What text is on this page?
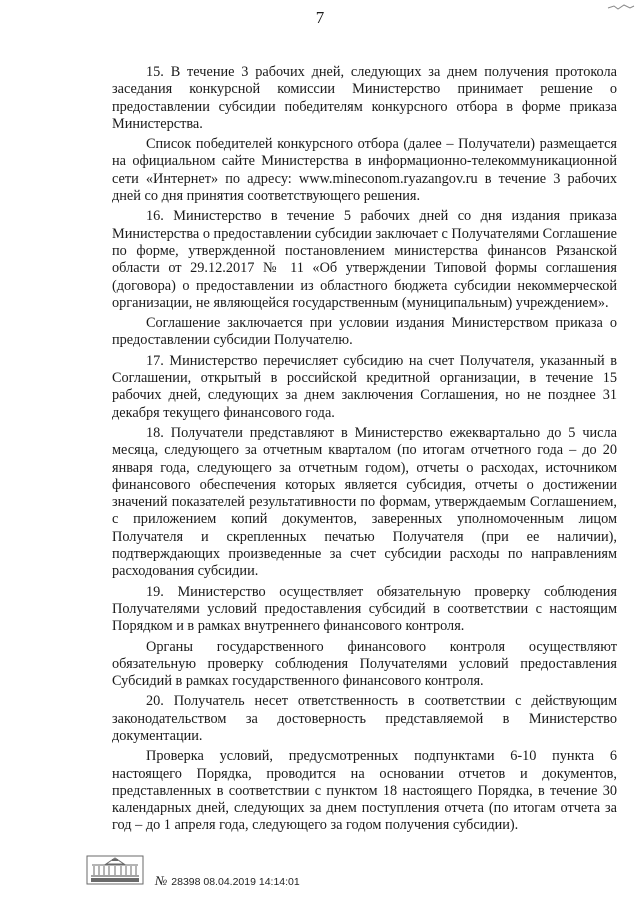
7

15. В течение 3 рабочих дней, следующих за днем получения протокола заседания конкурсной комиссии Министерство принимает решение о предоставлении субсидии победителям конкурсного отбора в форме приказа Министерства.

Список победителей конкурсного отбора (далее – Получатели) размещается на официальном сайте Министерства в информационно-телекоммуникационной сети «Интернет» по адресу: www.mineconom.ryazangov.ru в течение 3 рабочих дней со дня принятия соответствующего решения.

16. Министерство в течение 5 рабочих дней со дня издания приказа Министерства о предоставлении субсидии заключает с Получателями Соглашение по форме, утвержденной постановлением министерства финансов Рязанской области от 29.12.2017 № 11 «Об утверждении Типовой формы соглашения (договора) о предоставлении из областного бюджета субсидии некоммерческой организации, не являющейся государственным (муниципальным) учреждением».

Соглашение заключается при условии издания Министерством приказа о предоставлении субсидии Получателю.

17. Министерство перечисляет субсидию на счет Получателя, указанный в Соглашении, открытый в российской кредитной организации, в течение 15 рабочих дней, следующих за днем заключения Соглашения, но не позднее 31 декабря текущего финансового года.

18. Получатели представляют в Министерство ежеквартально до 5 числа месяца, следующего за отчетным кварталом (по итогам отчетного года – до 20 января года, следующего за отчетным годом), отчеты о расходах, источником финансового обеспечения которых является субсидия, отчеты о достижении значений показателей результативности по формам, утверждаемым Соглашением, с приложением копий документов, заверенных уполномоченным лицом Получателя и скрепленных печатью Получателя (при ее наличии), подтверждающих произведенные за счет субсидии расходы по направлениям расходования субсидии.

19. Министерство осуществляет обязательную проверку соблюдения Получателями условий предоставления субсидий в соответствии с настоящим Порядком и в рамках внутреннего финансового контроля.

Органы государственного финансового контроля осуществляют обязательную проверку соблюдения Получателями условий предоставления Субсидий в рамках государственного финансового контроля.

20. Получатель несет ответственность в соответствии с действующим законодательством за достоверность представляемой в Министерство документации.

Проверка условий, предусмотренных подпунктами 6-10 пункта 6 настоящего Порядка, проводится на основании отчетов и документов, представленных в соответствии с пунктом 18 настоящего Порядка, в течение 30 календарных дней, следующих за днем поступления отчета (по итогам отчета за год – до 1 апреля года, следующего за годом получения субсидии).

№ 28398 08.04.2019 14:14:01
